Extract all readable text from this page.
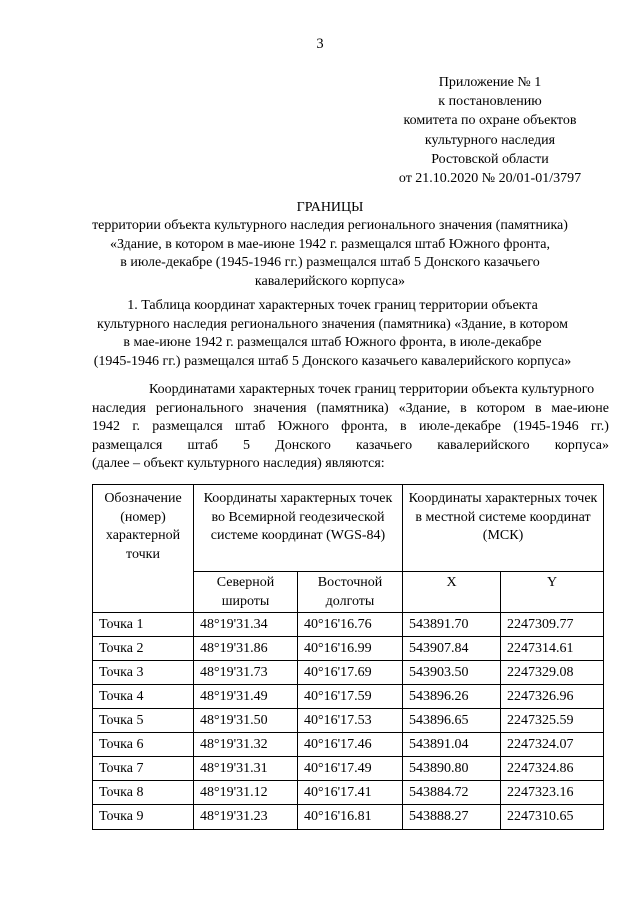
3
Приложение № 1
к постановлению
комитета по охране объектов
культурного наследия
Ростовской области
от 21.10.2020 № 20/01-01/3797
ГРАНИЦЫ
территории объекта культурного наследия регионального значения (памятника)
«Здание, в котором в мае-июне 1942 г. размещался штаб Южного фронта,
в июле-декабре (1945-1946 гг.) размещался штаб 5 Донского казачьего
кавалерийского корпуса»
1. Таблица координат характерных точек границ территории объекта
культурного наследия регионального значения (памятника) «Здание, в котором
в мае-июне 1942 г. размещался штаб Южного фронта, в июле-декабре
(1945-1946 гг.) размещался штаб 5 Донского казачьего кавалерийского корпуса»
Координатами характерных точек границ территории объекта культурного
наследия регионального значения (памятника) «Здание, в котором в мае-июне
1942 г. размещался штаб Южного фронта, в июле-декабре (1945-1946 гг.)
размещался штаб 5 Донского казачьего кавалерийского корпуса»
(далее – объект культурного наследия) являются:
Обозначение (номер) характерной точки	Координаты характерных точек во Всемирной геодезической системе координат (WGS-84)		Координаты характерных точек в местной системе координат (МСК)	
	Северной широты	Восточной долготы	X	Y
Точка 1	48°19'31.34	40°16'16.76	543891.70	2247309.77
Точка 2	48°19'31.86	40°16'16.99	543907.84	2247314.61
Точка 3	48°19'31.73	40°16'17.69	543903.50	2247329.08
Точка 4	48°19'31.49	40°16'17.59	543896.26	2247326.96
Точка 5	48°19'31.50	40°16'17.53	543896.65	2247325.59
Точка 6	48°19'31.32	40°16'17.46	543891.04	2247324.07
Точка 7	48°19'31.31	40°16'17.49	543890.80	2247324.86
Точка 8	48°19'31.12	40°16'17.41	543884.72	2247323.16
Точка 9	48°19'31.23	40°16'16.81	543888.27	2247310.65
